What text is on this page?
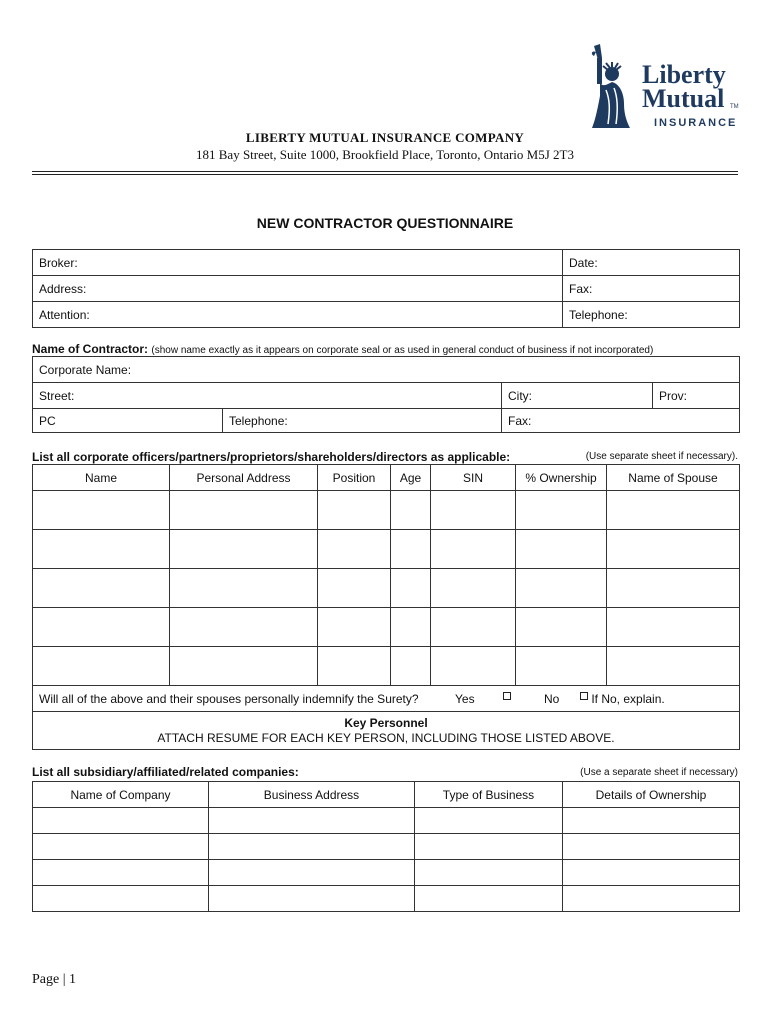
Liberty
Mutual TM
INSURANCE
LIBERTY MUTUAL INSURANCE COMPANY
181 Bay Street, Suite 1000, Brookfield Place, Toronto, Ontario M5J 2T3
NEW CONTRACTOR QUESTIONNAIRE
Broker:	Date:
Address:	Fax:
Attention:	Telephone:
Name of Contractor: (show name exactly as it appears on corporate seal or as used in general conduct of business if not incorporated)
Corporate Name:			
Street:		City:	Prov:
PC	Telephone:	Fax:	
List all corporate officers/partners/proprietors/shareholders/directors as applicable:	(Use separate sheet if necessary).
Name	Personal Address	Position	Age	SIN	% Ownership	Name of Spouse

Will all of the above and their spouses personally indemnify the Surety? Yes No If No, explain.						
Key Personnel
ATTACH RESUME FOR EACH KEY PERSON, INCLUDING THOSE LISTED ABOVE.						
List all subsidiary/affiliated/related companies:	(Use a separate sheet if necessary)
Name of Company	Business Address	Type of Business	Details of Ownership

Page | 1
